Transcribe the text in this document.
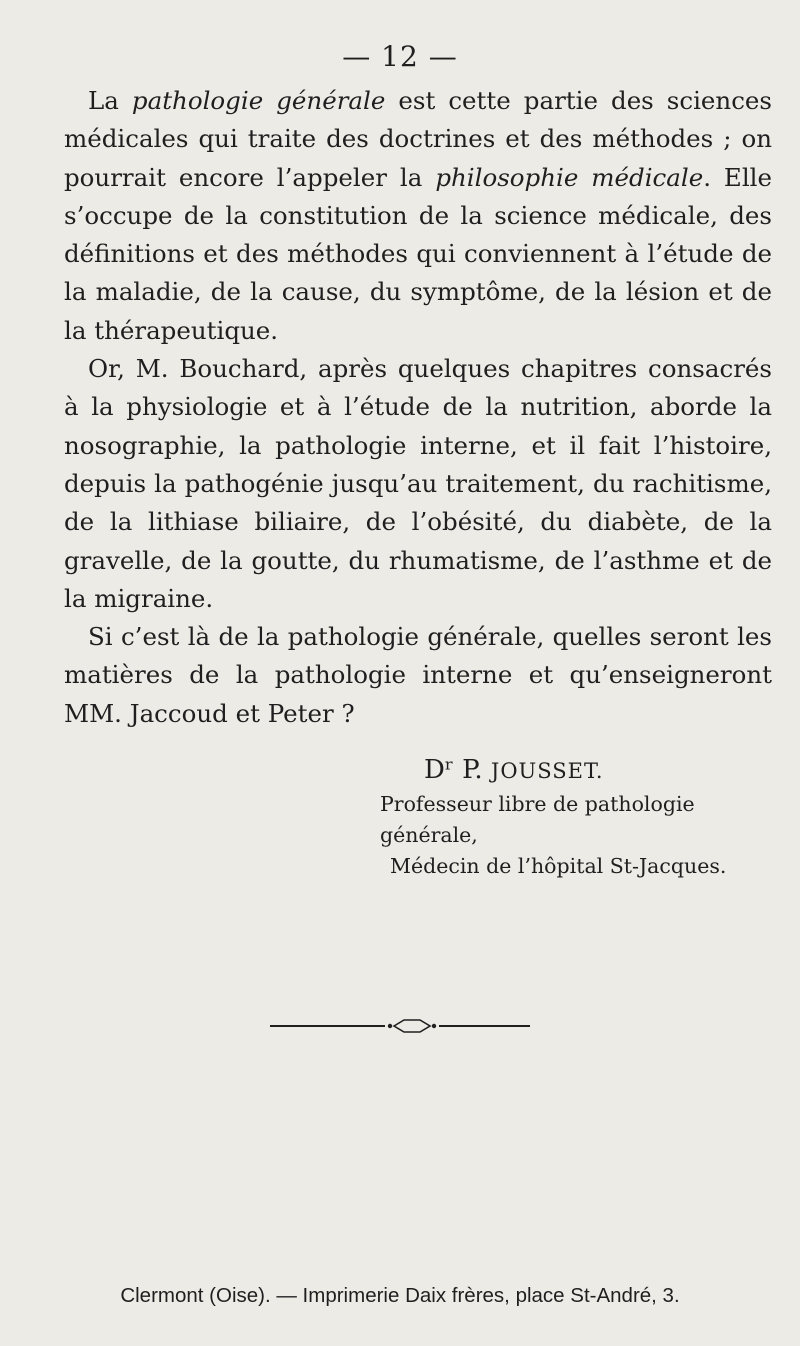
— 12 —

La pathologie générale est cette partie des sciences médicales qui traite des doctrines et des méthodes ; on pourrait encore l’appeler la philosophie médicale. Elle s’occupe de la constitution de la science médicale, des définitions et des méthodes qui conviennent à l’étude de la maladie, de la cause, du symptôme, de la lésion et de la thérapeutique.

Or, M. Bouchard, après quelques chapitres consacrés à la physiologie et à l’étude de la nutrition, aborde la nosographie, la pathologie interne, et il fait l’histoire, depuis la pathogénie jusqu’au traitement, du rachitisme, de la lithiase biliaire, de l’obésité, du diabète, de la gravelle, de la goutte, du rhumatisme, de l’asthme et de la migraine.

Si c’est là de la pathologie générale, quelles seront les matières de la pathologie interne et qu’enseigneront MM. Jaccoud et Peter ?

Dʳ P. JOUSSET.
Professeur libre de pathologie générale,
Médecin de l’hôpital St-Jacques.
Clermont (Oise). — Imprimerie Daix frères, place St-André, 3.
